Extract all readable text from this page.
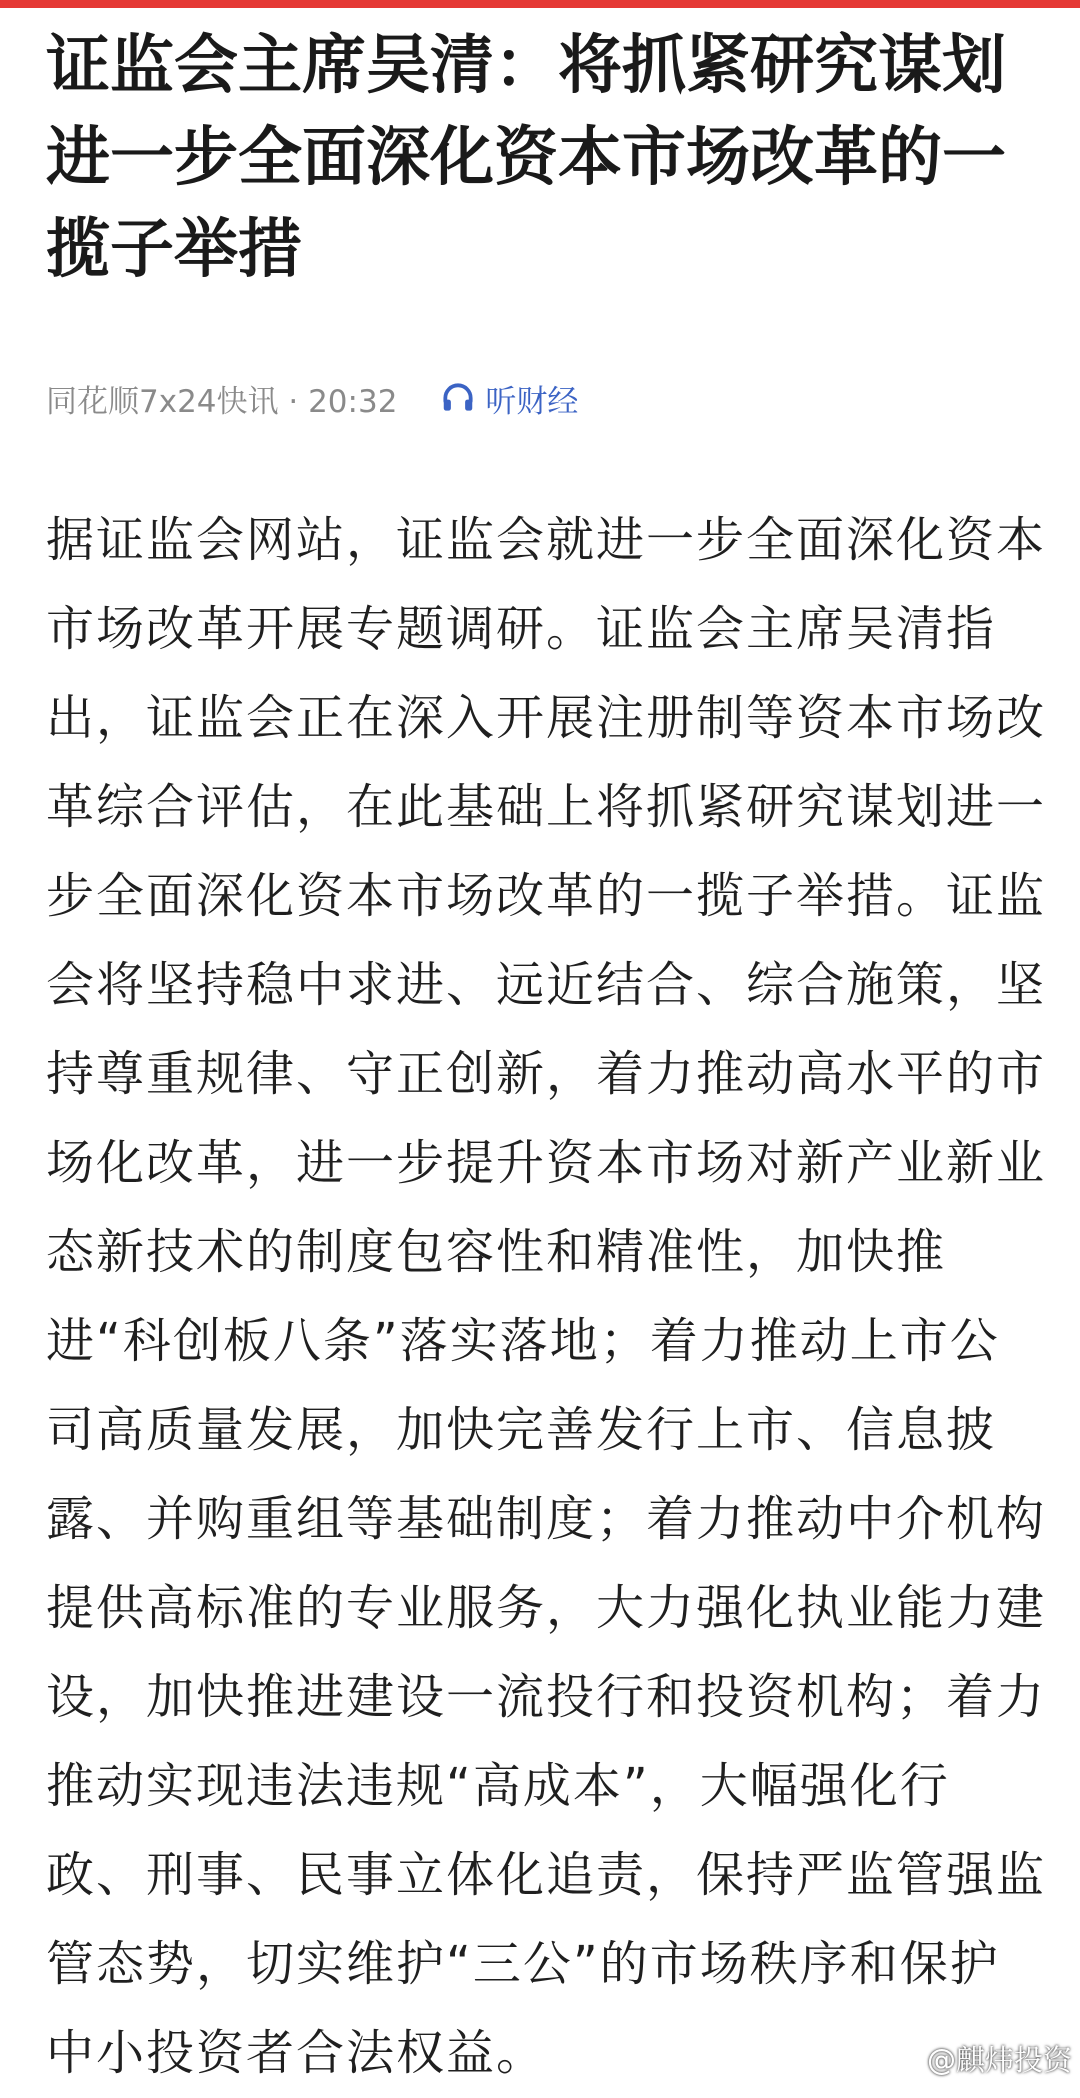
证监会主席吴清：将抓紧研究谋划进一步全面深化资本市场改革的一揽子举措
同花顺7x24快讯 · 20:32	听财经

据证监会网站，证监会就进一步全面深化资本市场改革开展专题调研。证监会主席吴清指出，证监会正在深入开展注册制等资本市场改革综合评估，在此基础上将抓紧研究谋划进一步全面深化资本市场改革的一揽子举措。证监会将坚持稳中求进、远近结合、综合施策，坚持尊重规律、守正创新，着力推动高水平的市场化改革，进一步提升资本市场对新产业新业态新技术的制度包容性和精准性，加快推进“科创板八条”落实落地；着力推动上市公司高质量发展，加快完善发行上市、信息披露、并购重组等基础制度；着力推动中介机构提供高标准的专业服务，大力强化执业能力建设，加快推进建设一流投行和投资机构；着力推动实现违法违规“高成本”，大幅强化行政、刑事、民事立体化追责，保持严监管强监管态势，切实维护“三公”的市场秩序和保护中小投资者合法权益。	@麒炜投资
